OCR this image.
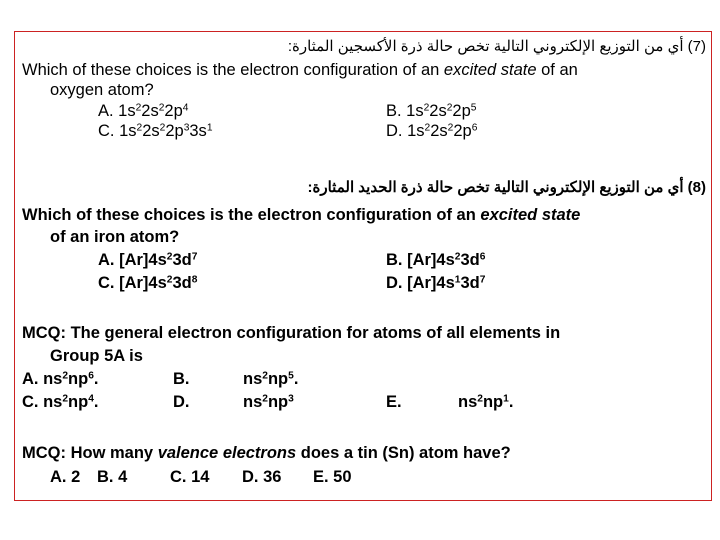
(7) أي من التوزيع الإلكتروني التالية تخص حالة ذرة الأكسجين المثارة:
Which of these choices is the electron configuration of an excited state of an
oxygen atom?
A. $1s^22s^22p^4$	B. $1s^22s^22p^5$
C. $1s^22s^22p^33s^1$	D. $1s^22s^22p^6$
(8) أي من التوزيع الإلكتروني التالية تخص حالة ذرة الحديد المثارة:
Which of these choices is the electron configuration of an excited state
of an iron atom?
A. $[Ar]4s^23d^7$	B. $[Ar]4s^23d^6$
C. $[Ar]4s^23d^8$	D. $[Ar]4s^13d^7$
MCQ: The general electron configuration for atoms of all elements in
Group 5A is
A. $ns^2np^6$.	B.	$ns^2np^5$.
C. $ns^2np^4$.	D.	$ns^2np^3$	E.	$ns^2np^1$.
MCQ: How many valence electrons does a tin (Sn) atom have?
A. 2 B. 4	C. 14 D. 36 E. 50
